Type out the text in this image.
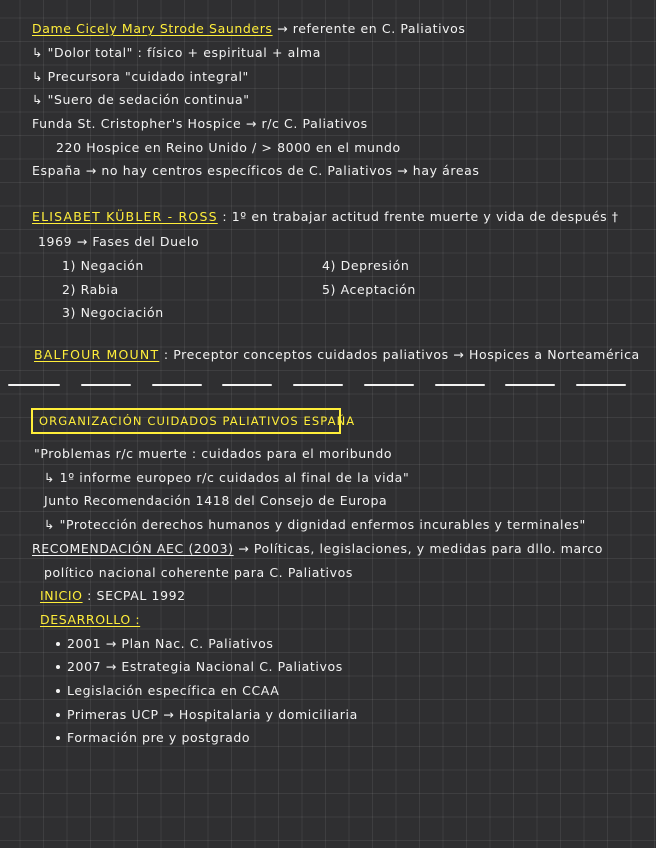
Dame Cicely Mary Strode Saunders → referente en C. Paliativos
↳ "Dolor total" : físico + espiritual + alma
↳ Precursora "cuidado integral"
↳ "Suero de sedación continua"
Funda St. Cristopher's Hospice → r/c C. Paliativos
220 Hospice en Reino Unido / > 8000 en el mundo
España → no hay centros específicos de C. Paliativos → hay áreas
ELISABET KÜBLER - ROSS : 1º en trabajar actitud frente muerte y vida de después †
1969 → Fases del Duelo
1) Negación
2) Rabia
3) Negociación
4) Depresión
5) Aceptación
BALFOUR MOUNT : Preceptor conceptos cuidados paliativos → Hospices a Norteamérica
ORGANIZACIÓN CUIDADOS PALIATIVOS ESPAÑA
"Problemas r/c muerte : cuidados para el moribundo
↳ 1º informe europeo r/c cuidados al final de la vida"
Junto Recomendación 1418 del Consejo de Europa
↳ "Protección derechos humanos y dignidad enfermos incurables y terminales"
RECOMENDACIÓN AEC (2003) → Políticas, legislaciones, y medidas para dllo. marco
político nacional coherente para C. Paliativos
INICIO : SECPAL 1992
DESARROLLO :
2001 → Plan Nac. C. Paliativos
2007 → Estrategia Nacional C. Paliativos
Legislación específica en CCAA
Primeras UCP → Hospitalaria y domiciliaria
Formación pre y postgrado
